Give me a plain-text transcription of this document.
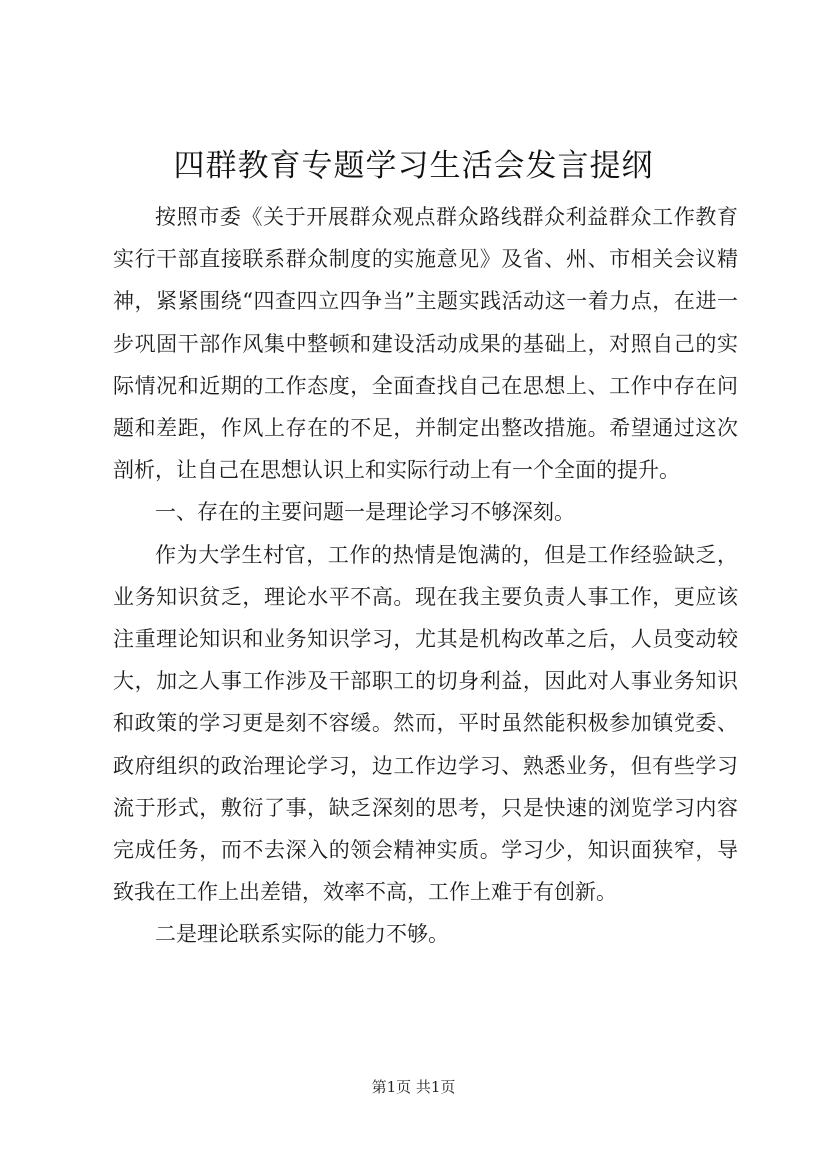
四群教育专题学习生活会发言提纲

按照市委《关于开展群众观点群众路线群众利益群众工作教育实行干部直接联系群众制度的实施意见》及省、州、市相关会议精神，紧紧围绕“四查四立四争当”主题实践活动这一着力点，在进一步巩固干部作风集中整顿和建设活动成果的基础上，对照自己的实际情况和近期的工作态度，全面查找自己在思想上、工作中存在问题和差距，作风上存在的不足，并制定出整改措施。希望通过这次剖析，让自己在思想认识上和实际行动上有一个全面的提升。

一、存在的主要问题一是理论学习不够深刻。

作为大学生村官，工作的热情是饱满的，但是工作经验缺乏，业务知识贫乏，理论水平不高。现在我主要负责人事工作，更应该注重理论知识和业务知识学习，尤其是机构改革之后，人员变动较大，加之人事工作涉及干部职工的切身利益，因此对人事业务知识和政策的学习更是刻不容缓。然而，平时虽然能积极参加镇党委、政府组织的政治理论学习，边工作边学习、熟悉业务，但有些学习流于形式，敷衍了事，缺乏深刻的思考，只是快速的浏览学习内容完成任务，而不去深入的领会精神实质。学习少，知识面狭窄，导致我在工作上出差错，效率不高，工作上难于有创新。

二是理论联系实际的能力不够。

第1页 共1页
